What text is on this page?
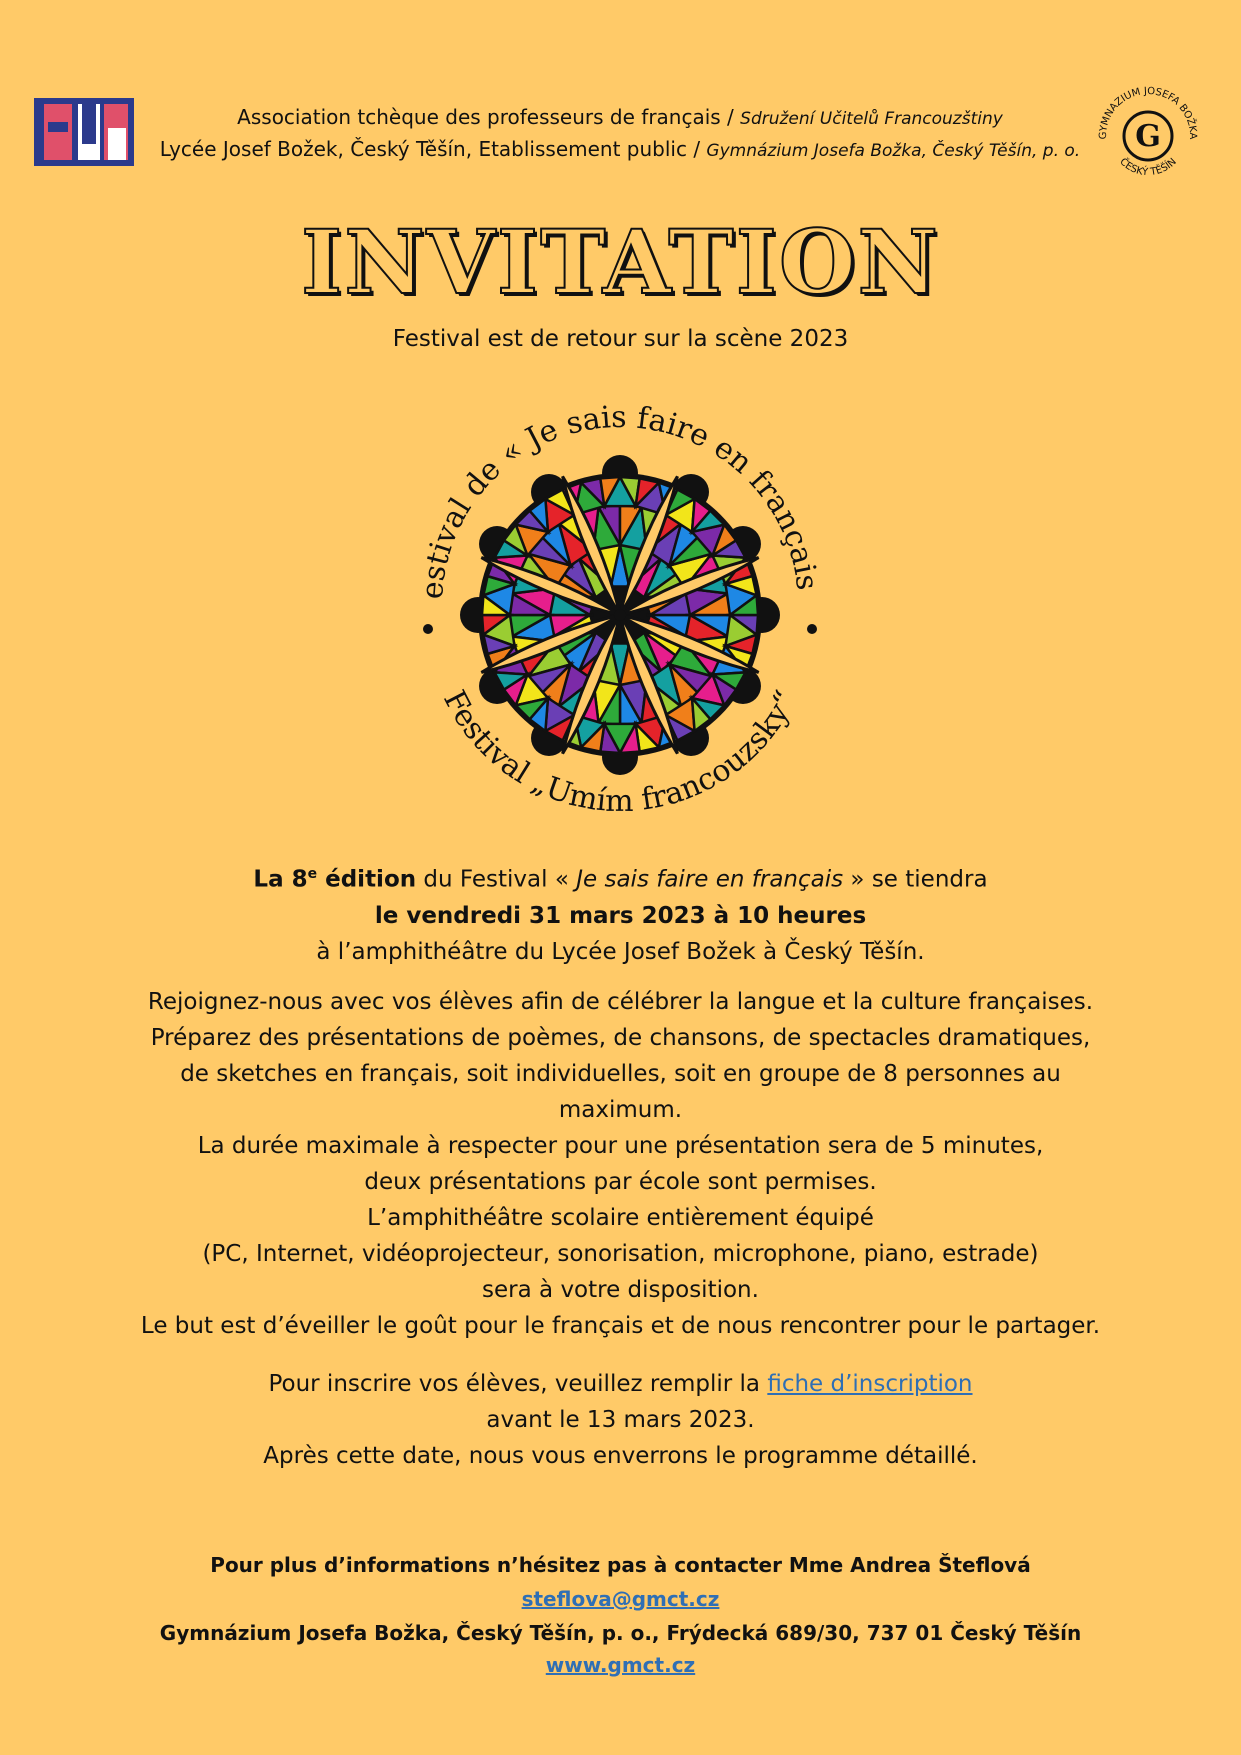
Association tchèque des professeurs de français / Sdružení Učitelů Francouzštiny
Lycée Josef Božek, Český Těšín, Etablissement public / Gymnázium Josefa Božka, Český Těšín, p. o.
GYMNAZIUM JOSEFA BOŽKA
ČESKÝ TĚŠÍN
G
INVITATION
Festival est de retour sur la scène 2023
estival de « Je sais faire en français
Festival „Umím francouzsky“
La 8e édition du Festival « Je sais faire en français » se tiendra
le vendredi 31 mars 2023 à 10 heures
à l’amphithéâtre du Lycée Josef Božek à Český Těšín.
Rejoignez-nous avec vos élèves afin de célébrer la langue et la culture françaises.
Préparez des présentations de poèmes, de chansons, de spectacles dramatiques,
de sketches en français, soit individuelles, soit en groupe de 8 personnes au
maximum.
La durée maximale à respecter pour une présentation sera de 5 minutes,
deux présentations par école sont permises.
L’amphithéâtre scolaire entièrement équipé
(PC, Internet, vidéoprojecteur, sonorisation, microphone, piano, estrade)
sera à votre disposition.
Le but est d’éveiller le goût pour le français et de nous rencontrer pour le partager.
Pour inscrire vos élèves, veuillez remplir la fiche d’inscription
avant le 13 mars 2023.
Après cette date, nous vous enverrons le programme détaillé.
Pour plus d’informations n’hésitez pas à contacter Mme Andrea Šteflová
steflova@gmct.cz
Gymnázium Josefa Božka, Český Těšín, p. o., Frýdecká 689/30, 737 01 Český Těšín
www.gmct.cz
